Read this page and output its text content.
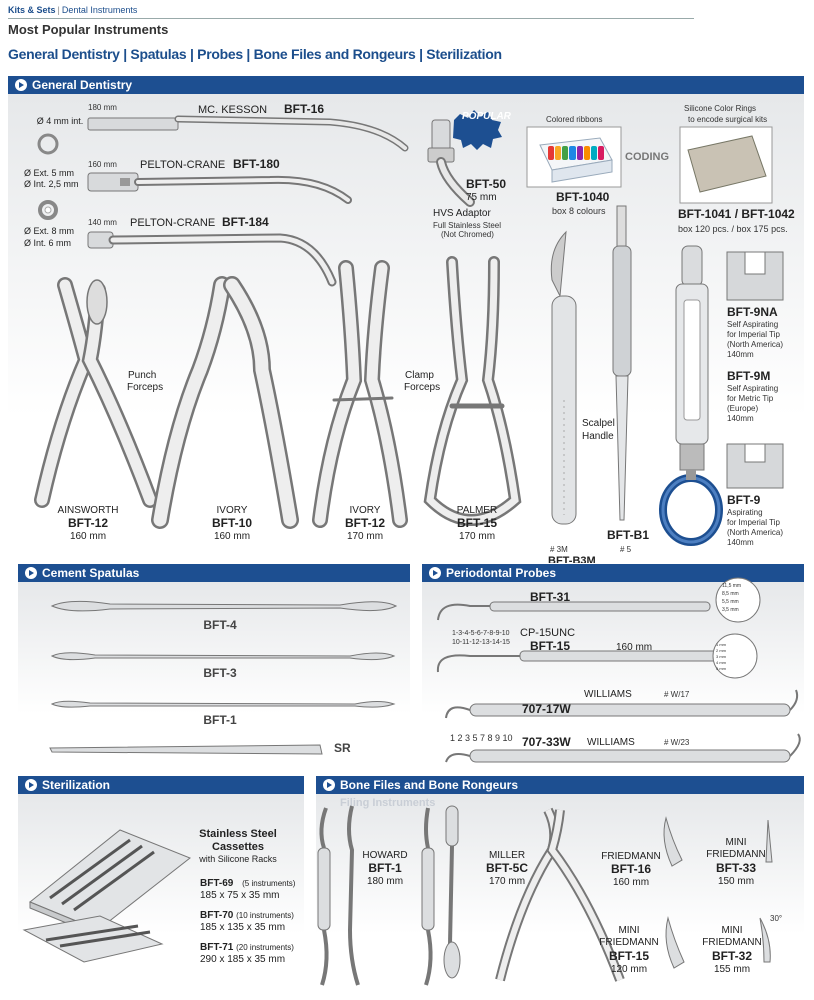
Kits & Sets | Dental Instruments
Most Popular Instruments
General Dentistry | Spatulas | Probes | Bone Files and Rongeurs | Sterilization
General Dentistry
Ø 4 mm int.
Ø Ext. 5 mm
Ø Int. 2,5 mm
Ø Ext. 8 mm
Ø Int. 6 mm
180 mm	MC. KESSON BFT-16
160 mm PELTON-CRANE BFT-180
140 mm PELTON-CRANE BFT-184
POPULAR
BFT-50
75 mm
HVS Adaptor
Full Stainless Steel
(Not Chromed)
Colored ribbons
BFT-1040
box 8 colours
CODING
Silicone Color Rings
to encode surgical kits
BFT-1041 / BFT-1042
box 120 pcs. / box 175 pcs.
Punch
Forceps
Clamp
Forceps
AINSWORTH
BFT-12
160 mm
IVORY
BFT-10
160 mm
IVORY
BFT-12
170 mm
PALMER
BFT-15
170 mm
Scalpel
Handle
# 3M
BFT-B3M
BFT-B1
# 5
BFT-9NA
Self Aspirating
for Imperial Tip
(North America)
140mm
BFT-9M
Self Aspirating
for Metric Tip
(Europe)
140mm
BFT-9
Aspirating
for Imperial Tip
(North America)
140mm
Cement Spatulas
BFT-4
BFT-3
BFT-1
SR
Periodontal Probes
BFT-31
11,5 mm
8,5 mm
5,5 mm
3,5 mm
1-3-4-5-6-7-8-9-10
10-11-12-13-14-15
CP-15UNC
BFT-15	160 mm	1 mm
2 mm
3 mm
4 mm
5 mm
WILLIAMS
707-17W
# W/17
1 2 3 5 7 8 9 10 707-33W WILLIAMS	# W/23
Sterilization
Stainless Steel
Cassettes
with Silicone Racks
BFT-69 (5 instruments)
185 x 75 x 35 mm
BFT-70 (10 instruments)
185 x 135 x 35 mm
BFT-71 (20 instruments)
290 x 185 x 35 mm
Bone Files and Bone Rongeurs
Filing Instruments
HOWARD
BFT-1
180 mm
MILLER
BFT-5C
170 mm
FRIEDMANN
BFT-16
160 mm
MINI
FRIEDMANN
BFT-33
150 mm
MINI
FRIEDMANN
BFT-15
120 mm
MINI
FRIEDMANN
BFT-32
155 mm
30°
